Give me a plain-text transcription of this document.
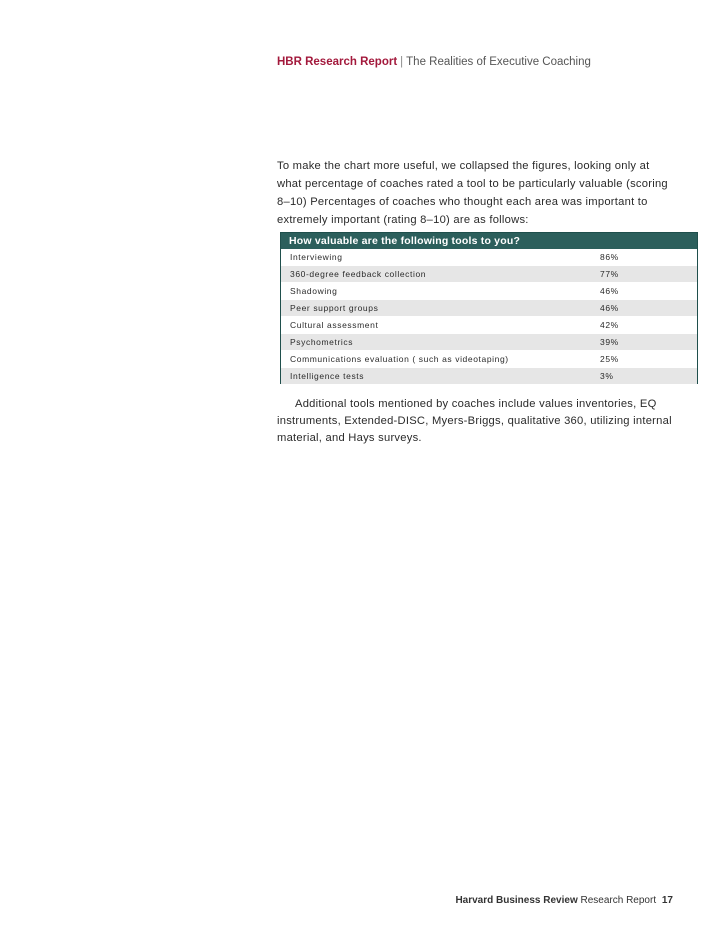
HBR Research Report | The Realities of Executive Coaching

To make the chart more useful, we collapsed the figures, looking only at what percentage of coaches rated a tool to be particularly valuable (scoring 8–10) Percentages of coaches who thought each area was important to extremely important (rating 8–10) are as follows:

How valuable are the following tools to you?
Interviewing	86%
360-degree feedback collection	77%
Shadowing	46%
Peer support groups	46%
Cultural assessment	42%
Psychometrics	39%
Communications evaluation ( such as videotaping)	25%
Intelligence tests	3%

Additional tools mentioned by coaches include values inventories, EQ instruments, Extended-DISC, Myers-Briggs, qualitative 360, utilizing internal material, and Hays surveys.

Harvard Business Review Research Report 17
